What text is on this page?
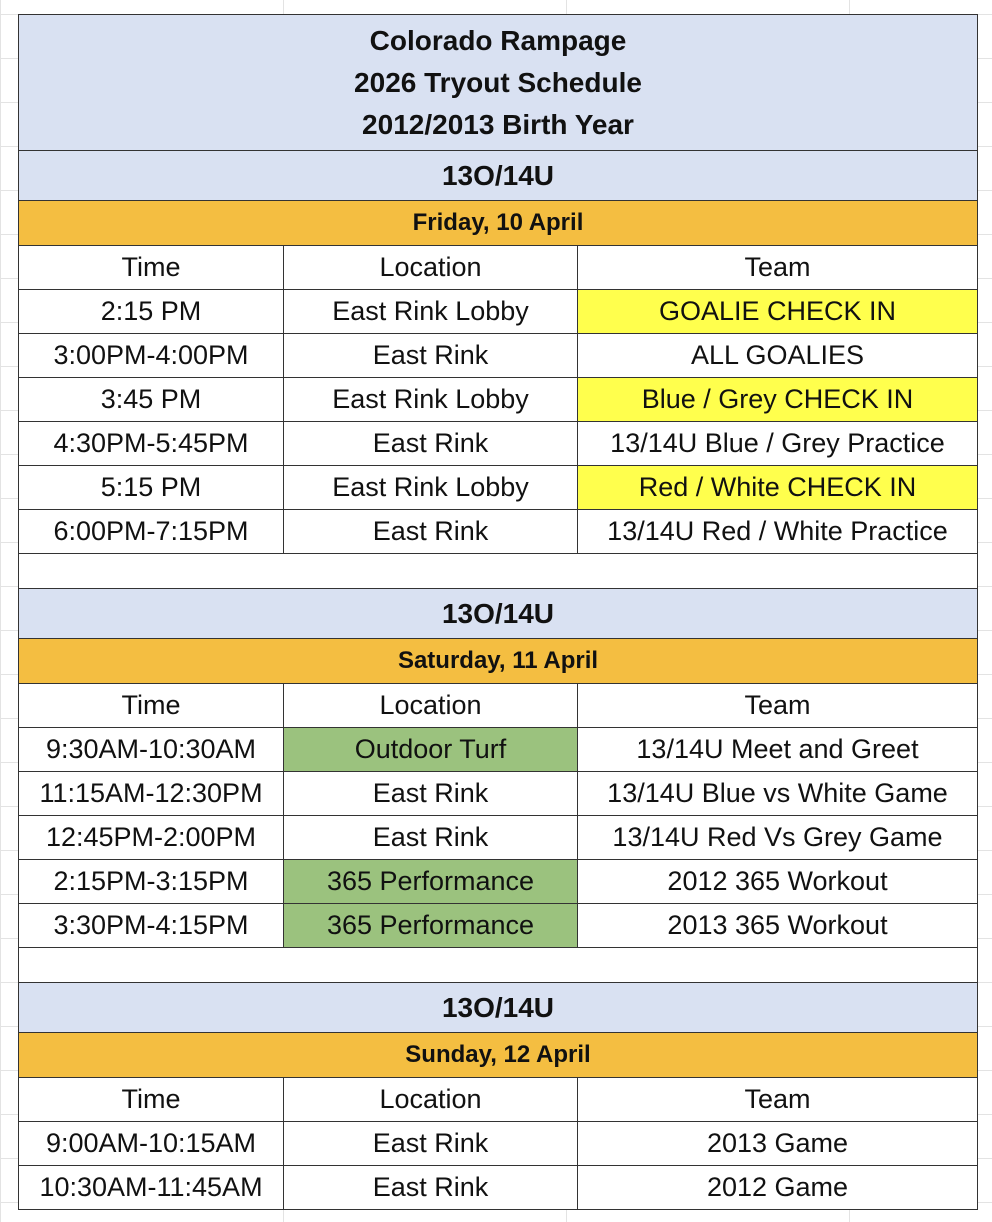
Colorado Rampage
2026 Tryout Schedule
2012/2013 Birth Year		

13O/14U		
Friday, 10 April		
Time	Location	Team
2:15 PM	East Rink Lobby	GOALIE CHECK IN
3:00PM-4:00PM	East Rink	ALL GOALIES
3:45 PM	East Rink Lobby	Blue / Grey CHECK IN
4:30PM-5:45PM	East Rink	13/14U Blue / Grey Practice
5:15 PM	East Rink Lobby	Red / White CHECK IN
6:00PM-7:15PM	East Rink	13/14U Red / White Practice

13O/14U		
Saturday, 11 April		
Time	Location	Team
9:30AM-10:30AM	Outdoor Turf	13/14U Meet and Greet
11:15AM-12:30PM	East Rink	13/14U Blue vs White Game
12:45PM-2:00PM	East Rink	13/14U Red Vs Grey Game
2:15PM-3:15PM	365 Performance	2012 365 Workout
3:30PM-4:15PM	365 Performance	2013 365 Workout

13O/14U		
Sunday, 12 April		
Time	Location	Team
9:00AM-10:15AM	East Rink	2013 Game
10:30AM-11:45AM	East Rink	2012 Game
